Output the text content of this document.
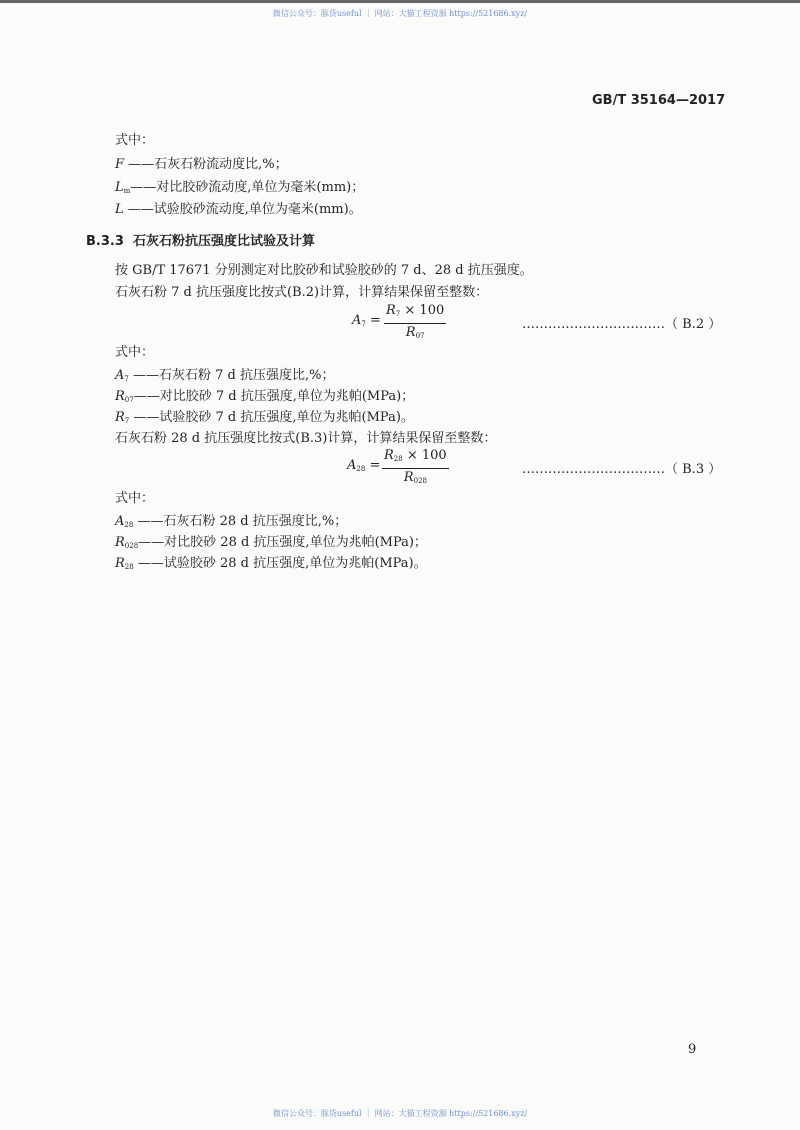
微信公众号：豚货useful ｜ 网站：大猫工程资源 https://521686.xyz/
GB/T 35164—2017
式中：
F ——石灰石粉流动度比,%；
$L_m——$对比胶砂流动度,单位为毫米(mm)；
L ——试验胶砂流动度,单位为毫米(mm)。
B.3.3 石灰石粉抗压强度比试验及计算
按 GB/T 17671 分别测定对比胶砂和试验胶砂的 7 d、28 d 抗压强度。
石灰石粉 7 d 抗压强度比按式(B.2)计算，计算结果保留至整数：
$A_7 = \frac{R_7 \times 100}{R_{07}}$	……………………………（ B.2 ）
式中：
$A_7$ ——石灰石粉 7 d 抗压强度比,%；
$R_{07}——$对比胶砂 7 d 抗压强度,单位为兆帕(MPa)；
$R_7$ ——试验胶砂 7 d 抗压强度,单位为兆帕(MPa)。
石灰石粉 28 d 抗压强度比按式(B.3)计算，计算结果保留至整数：
$A_{28} = \frac{R_{28} \times 100}{R_{028}}$	……………………………（ B.3 ）
式中：
$A_{28}$ ——石灰石粉 28 d 抗压强度比,%；
$R_{028}——$对比胶砂 28 d 抗压强度,单位为兆帕(MPa)；
$R_{28}$ ——试验胶砂 28 d 抗压强度,单位为兆帕(MPa)。
9
微信公众号：豚货useful ｜ 网站：大猫工程资源 https://521686.xyz/
